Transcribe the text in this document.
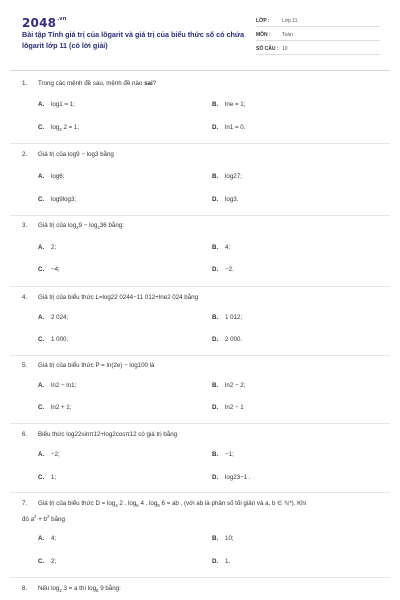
$2048^{.vn}$
Bài tập Tính giá trị của lôgarit và giá trị của biểu thức số có chứa lôgarit lớp 11 (có lời giải)
LỚP : Lớp 11
MÔN : Toán
SỐ CÂU : 10
1. Trong các mệnh đề sau, mệnh đề nào sai?
A. log1 = 1;	B. lne = 1;
C. $\log_2 2 = 1$;	D. ln1 = 0.
2. Giá trị của log9 − log3 bằng
A. log6;	B. log27;
C. log9log3;	D. log3.
3. Giá trị của $\log_29 - \log_236$ bằng:
A. 2;	B. 4;
C. −4;	D. −2.
4. Giá trị của biểu thức L=log22 0244−11 012+lne2 024 bằng
A. 2 024;	B. 1 012;
C. 1 000;	D. 2 000.
5.Giá trị của biểu thức P = ln(2e) − log100 là
A. ln2 − ln1;	B. ln2 − 2;
C. ln2 + 1;	D. ln2 − 1
6. Biểu thức log22sinπ12+log2cosπ12 có giá trị bằng
A. −2;	B. −1;
C. 1;	D. log23−1 .
7. Giá trị của biểu thức $D = \log_4 2$ . $\log_6 4$ . $\log_8 6$ = ab , (với ab là phân số tối giản và a, b ∈ ℕ*). Khi
đó $a^2 + b^2$ bằng
A. 4;	B. 10;
C. 2;	D. 1.
8. Nếu $\log_2 3 = a$ thì $\log_6 9$ bằng:
